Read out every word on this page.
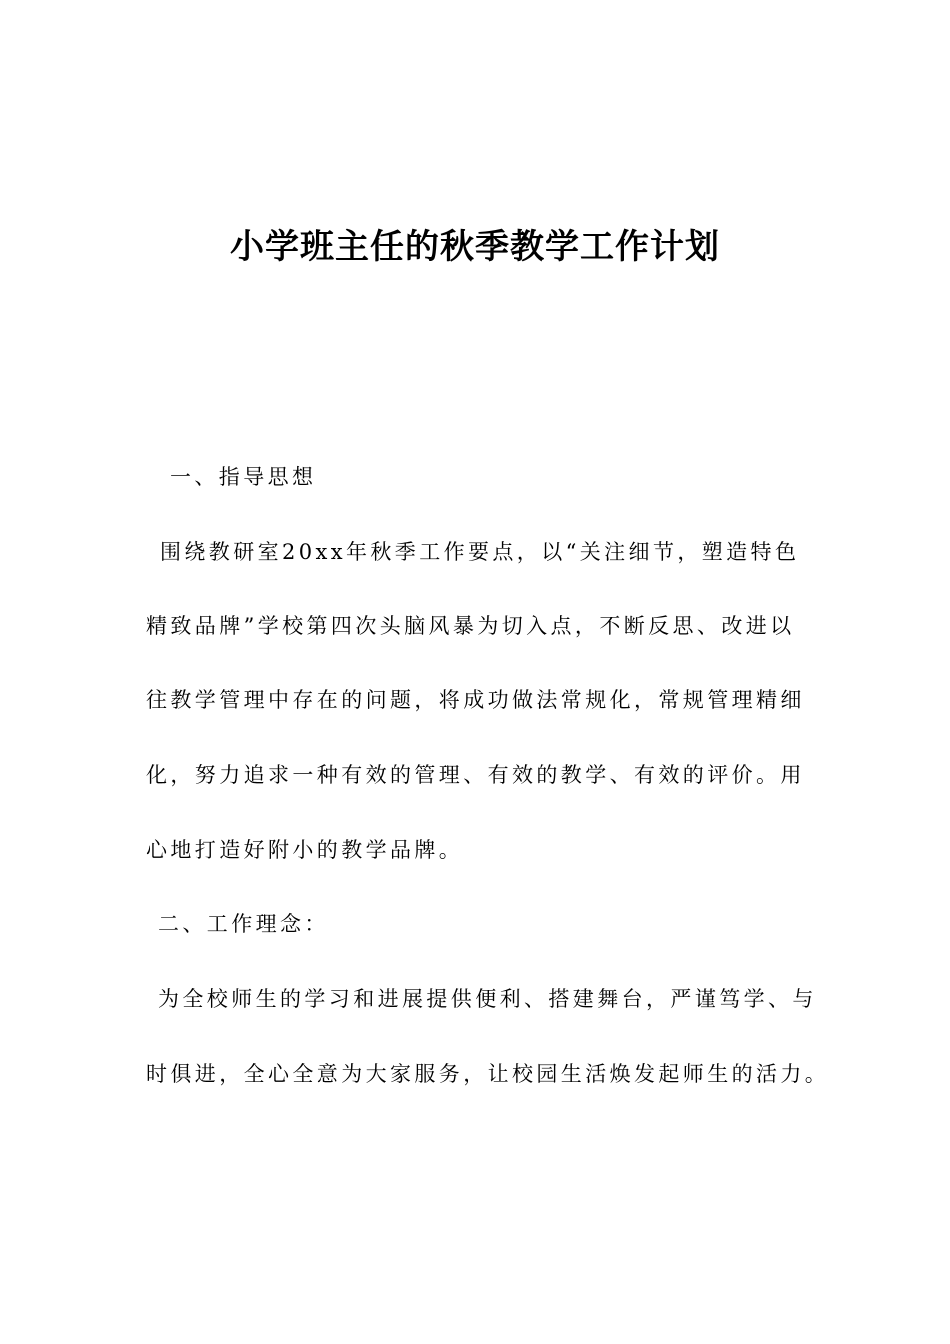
小学班主任的秋季教学工作计划
一、指导思想
围绕教研室20xx年秋季工作要点，以“关注细节，塑造特色
精致品牌”学校第四次头脑风暴为切入点，不断反思、改进以
往教学管理中存在的问题，将成功做法常规化，常规管理精细
化，努力追求一种有效的管理、有效的教学、有效的评价。用
心地打造好附小的教学品牌。
二、工作理念：
为全校师生的学习和进展提供便利、搭建舞台，严谨笃学、与
时俱进，全心全意为大家服务，让校园生活焕发起师生的活力。
